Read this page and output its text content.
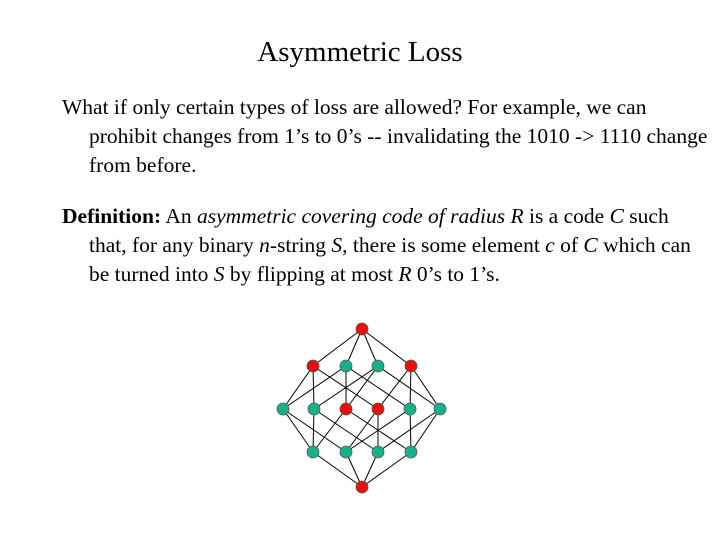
Asymmetric Loss
What if only certain types of loss are allowed? For example, we can prohibit changes from 1’s to 0’s -- invalidating the 1010 -> 1110 change from before.
Definition: An asymmetric covering code of radius R is a code C such that, for any binary n-string S, there is some element c of C which can be turned into S by flipping at most R 0’s to 1’s.
